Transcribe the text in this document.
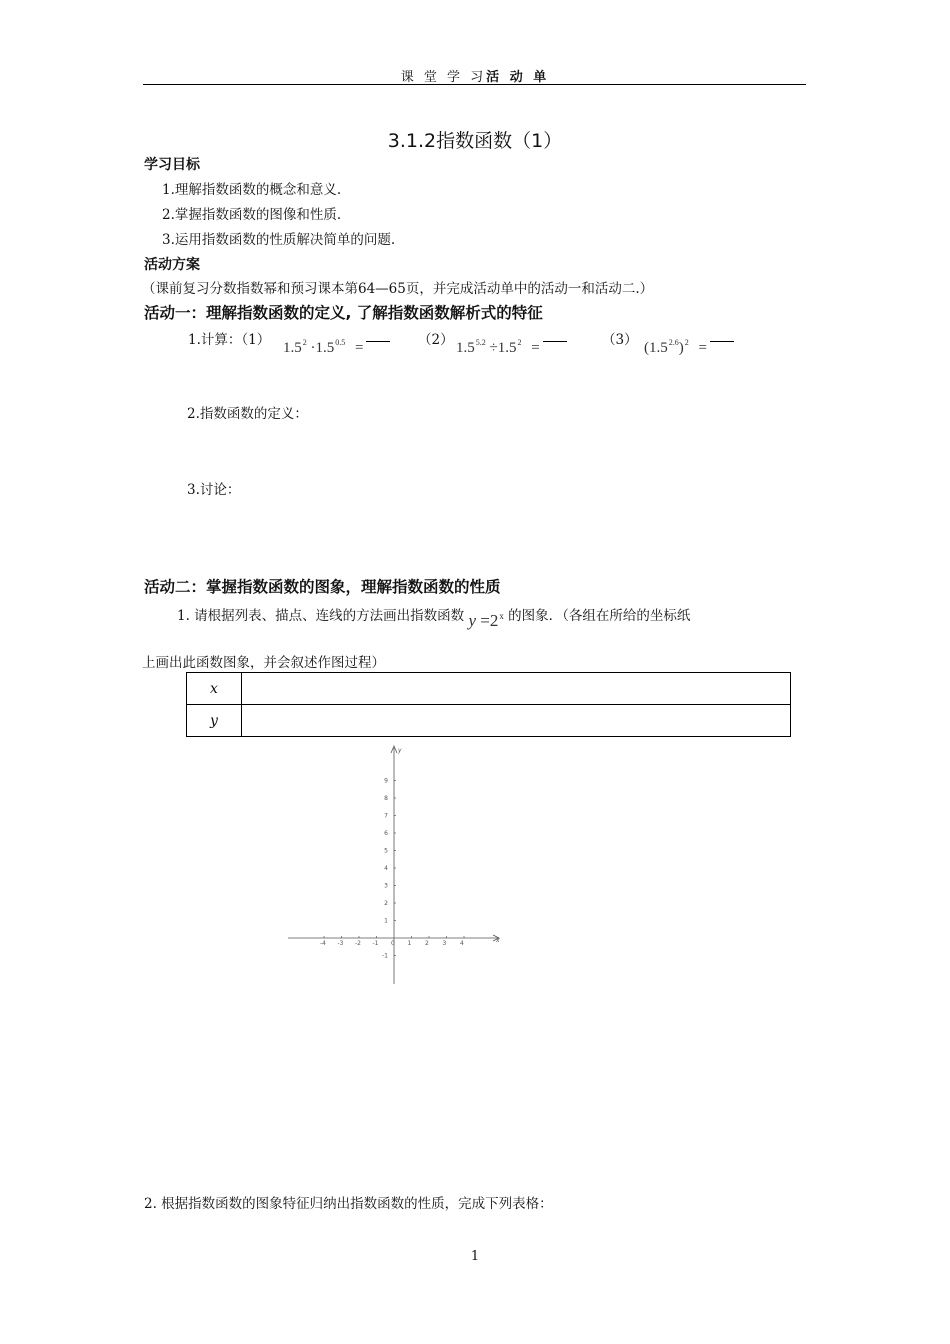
课 堂 学 习活 动 单
3.1.2指数函数（1）
学习目标
1.理解指数函数的概念和意义.
2.掌握指数函数的图像和性质.
3.运用指数函数的性质解决简单的问题.
活动方案
（课前复习分数指数幂和预习课本第64—65页，并完成活动单中的活动一和活动二.）
活动一：理解指数函数的定义, 了解指数函数解析式的特征
1.计算：（1） $1.5^2 \cdot 1.5^{0.5}$ =	（2） $1.5^{5.2} \div 1.5^2$ =	（3） $(1.5^{2.6})^2$ =
2.指数函数的定义：
3.讨论：
活动二：掌握指数函数的图象，理解指数函数的性质
1. 请根据列表、描点、连线的方法画出指数函数 $y =2^x$ 的图象．（各组在所给的坐标纸
上画出此函数图象，并会叙述作图过程）
x	
y	
-4 -3 -2 -1 0 1 2 3 4
-1
1
2
3
4
5
6
7
8
9
x
y
2. 根据指数函数的图象特征归纳出指数函数的性质，完成下列表格：
1
